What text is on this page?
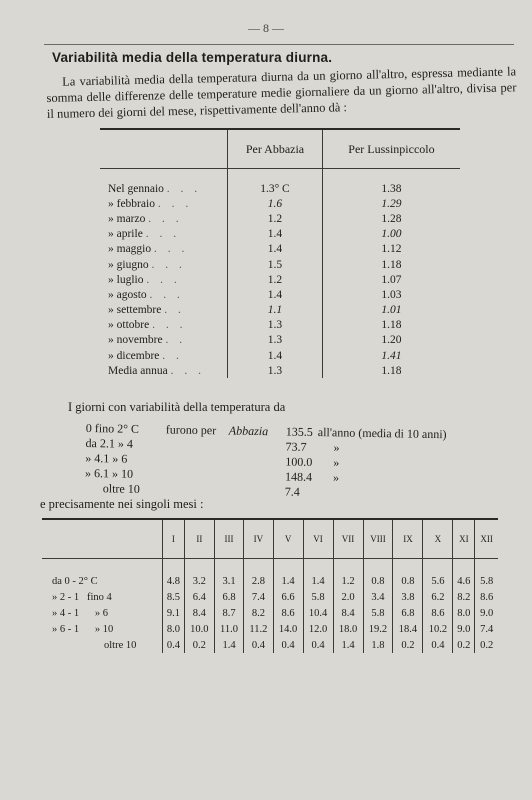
— 8 —
Variabilità media della temperatura diurna.

La variabilità media della temperatura diurna da un giorno all'altro, espressa mediante la somma delle differenze delle temperature medie giornaliere da un giorno all'altro, divisa per il numero dei giorni del mese, rispettivamente dell'anno dà :

	Per Abbazia	Per Lussinpiccolo

Nel gennaio . . .	1.3° C	1.38
» febbraio . . .	1.6	1.29
» marzo . . .	1.2	1.28
» aprile . . .	1.4	1.00
» maggio . . .	1.4	1.12
» giugno . . .	1.5	1.18
» luglio . . .	1.2	1.07
» agosto . . .	1.4	1.03
» settembre . .	1.1	1.01
» ottobre . . .	1.3	1.18
» novembre . .	1.3	1.20
» dicembre . .	1.4	1.41
Media annua . . .	1.3	1.18
I giorni con variabilità della temperatura da
0 fino 2° C furono per Abbazia 135.5 all'anno (media di 10 anni)
da 2.1 » 4	73.7 »
» 4.1 » 6	100.0 »
» 6.1 » 10	148.4 »
oltre 10	7.4
e precisamente nei singoli mesi :
	I	II	III	IV	V	VI	VII	VIII	IX	X	XI	XII

da 0 - 2° C	4.8	3.2	3.1	2.8	1.4	1.4	1.2	0.8	0.8	5.6	4.6	5.8
» 2 - 1   fino 4	8.5	6.4	6.8	7.4	6.6	5.8	2.0	3.4	3.8	6.2	8.2	8.6
» 4 - 1      » 6	9.1	8.4	8.7	8.2	8.6	10.4	8.4	5.8	6.8	8.6	8.0	9.0
» 6 - 1      » 10	8.0	10.0	11.0	11.2	14.0	12.0	18.0	19.2	18.4	10.2	9.0	7.4
oltre 10	0.4	0.2	1.4	0.4	0.4	0.4	1.4	1.8	0.2	0.4	0.2	0.2
